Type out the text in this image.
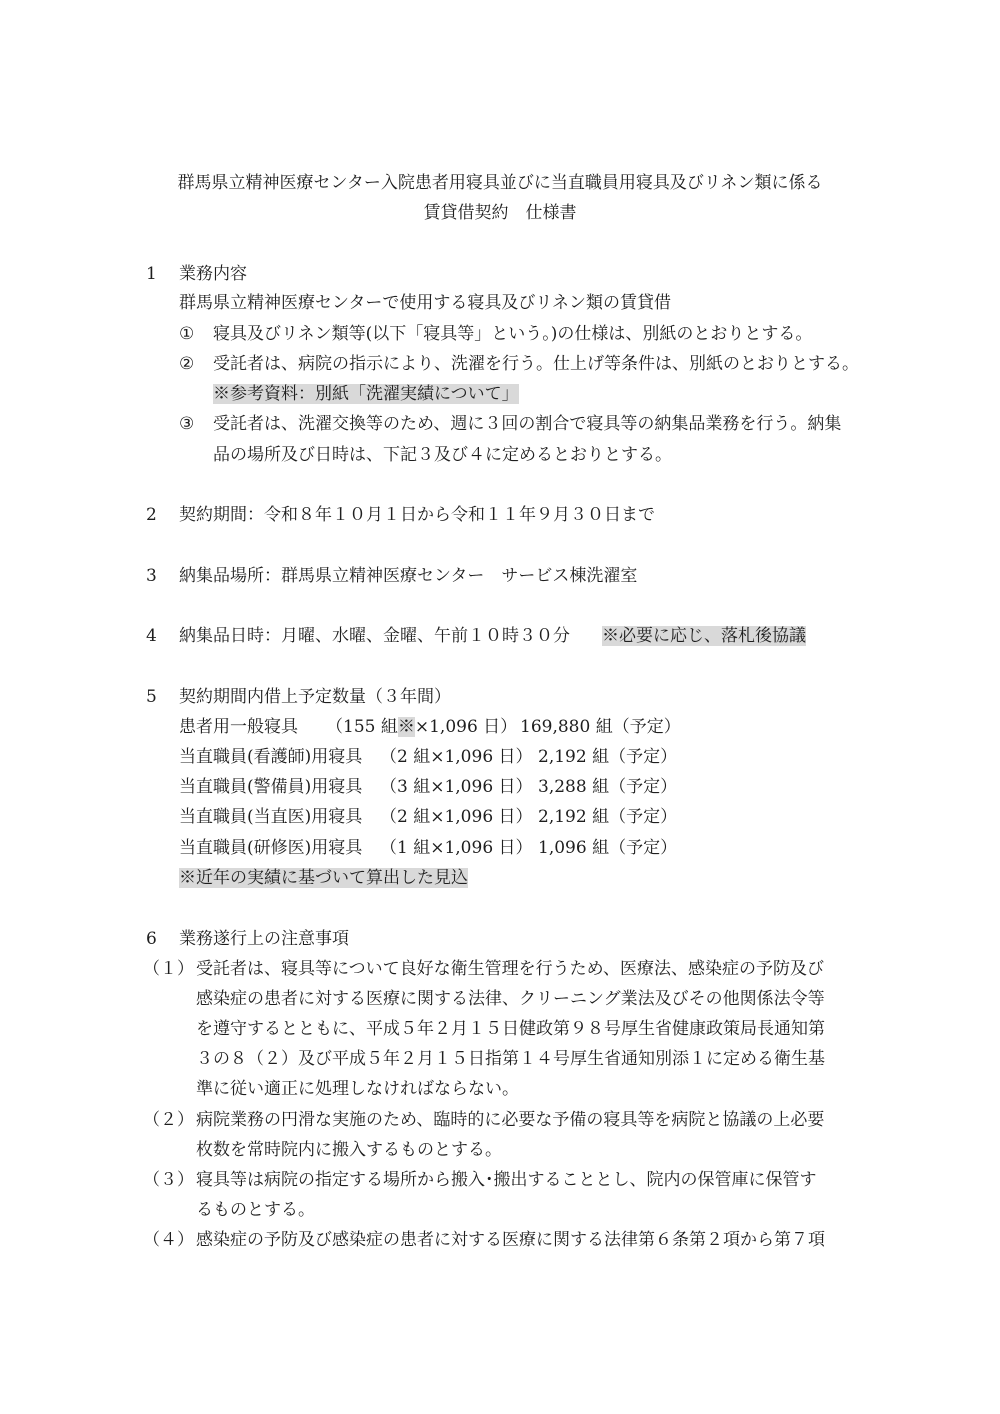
群馬県立精神医療センター入院患者用寝具並びに当直職員用寝具及びリネン類に係る
賃貸借契約　仕様書
1 業務内容
群馬県立精神医療センターで使用する寝具及びリネン類の賃貸借
① 寝具及びリネン類等(以下「寝具等」という。)の仕様は、別紙のとおりとする。
② 受託者は、病院の指示により、洗濯を行う。仕上げ等条件は、別紙のとおりとする。
※参考資料：別紙「洗濯実績について」
③ 受託者は、洗濯交換等のため、週に３回の割合で寝具等の納集品業務を行う。納集
品の場所及び日時は、下記３及び４に定めるとおりとする。
2 契約期間：令和８年１０月１日から令和１１年９月３０日まで
3 納集品場所：群馬県立精神医療センター　サービス棟洗濯室
4 納集品日時：月曜、水曜、金曜、午前１０時３０分 ※必要に応じ、落札後協議
5 契約期間内借上予定数量（３年間）
患者用一般寝具 （155 組※×1,096 日） 169,880 組（予定）
当直職員(看護師)用寝具 （2 組×1,096 日） 2,192 組（予定）
当直職員(警備員)用寝具 （3 組×1,096 日） 3,288 組（予定）
当直職員(当直医)用寝具 （2 組×1,096 日） 2,192 組（予定）
当直職員(研修医)用寝具 （1 組×1,096 日） 1,096 組（予定）
※近年の実績に基づいて算出した見込
6 業務遂行上の注意事項
（１） 受託者は、寝具等について良好な衛生管理を行うため、医療法、感染症の予防及び
感染症の患者に対する医療に関する法律、クリーニング業法及びその他関係法令等
を遵守するとともに、平成５年２月１５日健政第９８号厚生省健康政策局長通知第
３の８（２）及び平成５年２月１５日指第１４号厚生省通知別添１に定める衛生基
準に従い適正に処理しなければならない。
（２） 病院業務の円滑な実施のため、臨時的に必要な予備の寝具等を病院と協議の上必要
枚数を常時院内に搬入するものとする。
（３） 寝具等は病院の指定する場所から搬入･搬出することとし、院内の保管庫に保管す
るものとする。
（４） 感染症の予防及び感染症の患者に対する医療に関する法律第６条第２項から第７項
